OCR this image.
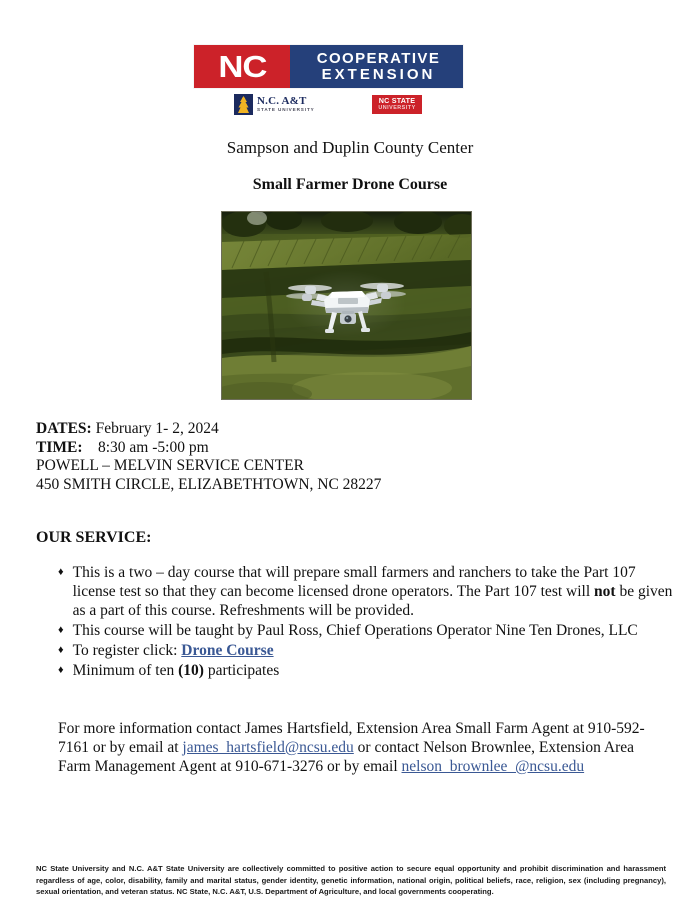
NC	COOPERATIVE
EXTENSION
N.C. A&T
STATE UNIVERSITY
NC STATE
UNIVERSITY
Sampson and Duplin County Center
Small Farmer Drone Course
DATES: February 1- 2, 2024
TIME:    8:30 am -5:00 pm
POWELL – MELVIN SERVICE CENTER
450 SMITH CIRCLE, ELIZABETHTOWN, NC 28227
OUR SERVICE:
♦ This is a two – day course that will prepare small farmers and ranchers to take the Part 107 license test so that they can become licensed drone operators. The Part 107 test will not be given as a part of this course. Refreshments will be provided.
♦ This course will be taught by Paul Ross, Chief Operations Operator Nine Ten Drones, LLC
♦ To register click: Drone Course
♦ Minimum of ten (10) participates
For more information contact James Hartsfield, Extension Area Small Farm Agent at 910-592-7161 or by email at james_hartsfield@ncsu.edu or contact Nelson Brownlee, Extension Area Farm Management Agent at 910-671-3276 or by email nelson_brownlee_@ncsu.edu
NC State University and N.C. A&T State University are collectively committed to positive action to secure equal opportunity and prohibit discrimination and harassment regardless of age, color, disability, family and marital status, gender identity, genetic information, national origin, political beliefs, race, religion, sex (including pregnancy), sexual orientation, and veteran status. NC State, N.C. A&T, U.S. Department of Agriculture, and local governments cooperating.
